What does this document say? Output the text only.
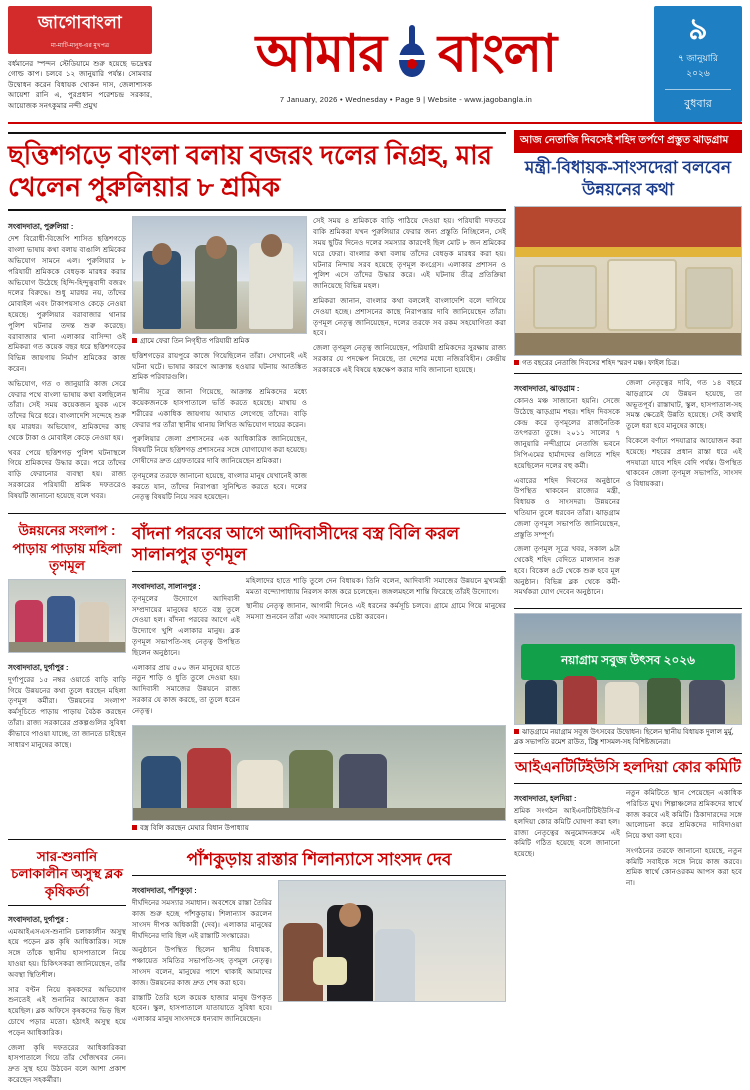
জাগোবাংলা
মা-মাটি-মানুষ-এর মুখপত্র
বর্ধমানের স্পন্দন স্টেডিয়ামে শুরু হয়েছে ভদ্রেশ্বর গোল্ড কাপ। চলবে ১২ জানুয়ারি পর্যন্ত। সোমবার উদ্বোধন করেন বিধায়ক খোকন দাস, জেলাশাসক আয়েশা রানি এ, পুরপ্রধান পরেশচন্দ্র সরকার, আয়োজক সনৎকুমার নন্দী প্রমুখ
আমার বাংলা
7 January, 2026 • Wednesday • Page 9 | Website - www.jagobangla.in
৯
৭ জানুয়ারি
২০২৬
বুধবার
ছত্তিশগড়ে বাংলা বলায় বজরং দলের নিগ্রহ, মার খেলেন পুরুলিয়ার ৮ শ্রমিক
সংবাদদাতা, পুরুলিয়া :

দেশ বিরোধী-বিজেপি শাসিত ছত্তিশগড়ে বাংলা ভাষায় কথা বলায় বাঙালি শ্রমিকের অভিযোগ সামনে এল। পুরুলিয়ার ৮ পরিযায়ী শ্রমিককে বেধড়ক মারধর করার অভিযোগ উঠেছে হিন্দি-হিন্দুত্ববাদী বজরং দলের বিরুদ্ধে। শুধু মারধর নয়, তাঁদের মোবাইল এবং টাকাপয়সাও কেড়ে নেওয়া হয়েছে। পুরুলিয়ার বরাবাজার থানার পুলিশ ঘটনার তদন্ত শুরু করেছে। বরাবাজার থানা এলাকার বাসিন্দা ওই শ্রমিকরা গত কয়েক বছর ধরে ছত্তিশগড়ের বিভিন্ন জায়গায় নির্মাণ শ্রমিকের কাজ করেন।

অভিযোগ, গত ৩ জানুয়ারি কাজ সেরে ফেরার পথে বাংলা ভাষায় কথা বলছিলেন তাঁরা। সেই সময় কয়েকজন যুবক এসে তাঁদের ঘিরে ধরে। বাংলাদেশি সন্দেহে শুরু হয় মারধর। অভিযোগ, শ্রমিকদের কাছ থেকে টাকা ও মোবাইল কেড়ে নেওয়া হয়।

খবর পেয়ে ছত্তিশগড় পুলিশ ঘটনাস্থলে গিয়ে শ্রমিকদের উদ্ধার করে। পরে তাঁদের বাড়ি ফেরানোর ব্যবস্থা হয়। রাজ্য সরকারের পরিযায়ী শ্রমিক দফতরেও বিষয়টি জানানো হয়েছে বলে খবর।

গ্রামে ফেরা তিন নিগৃহীত পরিযায়ী শ্রমিক

ছত্তিশগড়ের রায়পুরে কাজে গিয়েছিলেন তাঁরা। সেখানেই এই ঘটনা ঘটে। ভাষার কারণে আক্রান্ত হওয়ার ঘটনায় আতঙ্কিত শ্রমিক পরিবারগুলি।

স্থানীয় সূত্রে জানা গিয়েছে, আক্রান্ত শ্রমিকদের মধ্যে কয়েকজনকে হাসপাতালে ভর্তি করতে হয়েছে। মাথায় ও শরীরের একাধিক জায়গায় আঘাত লেগেছে তাঁদের। বাড়ি ফেরার পর তাঁরা স্থানীয় থানায় লিখিত অভিযোগ দায়ের করেন।

পুরুলিয়ার জেলা প্রশাসনের এক আধিকারিক জানিয়েছেন, বিষয়টি নিয়ে ছত্তিশগড় প্রশাসনের সঙ্গে যোগাযোগ করা হয়েছে। দোষীদের দ্রুত গ্রেফতারের দাবি জানিয়েছেন শ্রমিকরা।

তৃণমূলের তরফে জানানো হয়েছে, বাংলার মানুষ যেখানেই কাজ করতে যান, তাঁদের নিরাপত্তা সুনিশ্চিত করতে হবে। দলের নেতৃত্ব বিষয়টি নিয়ে সরব হয়েছেন।

সেই সময় ৪ শ্রমিককে বাড়ি পাঠিয়ে দেওয়া হয়। পরিযায়ী দফতরে বাকি শ্রমিকরা যখন পুরুলিয়ার ফেরার জন্য প্রস্তুতি নিচ্ছিলেন, সেই সময় ছুটির দিনেও দলের সমস্যার কারণেই ছিল মোট ৮ জন শ্রমিকের ঘরে ফেরা। বাংলার কথা বলায় তাঁদের বেধড়ক মারধর করা হয়। ঘটনার নিন্দায় সরব হয়েছে তৃণমূল কংগ্রেস। এলাকার প্রশাসন ও পুলিশ এসে তাঁদের উদ্ধার করে। এই ঘটনায় তীব্র প্রতিক্রিয়া জানিয়েছে বিভিন্ন মহল।

শ্রমিকরা জানান, বাংলার কথা বললেই বাংলাদেশি বলে দাগিয়ে দেওয়া হচ্ছে। প্রশাসনের কাছে নিরাপত্তার দাবি জানিয়েছেন তাঁরা। তৃণমূল নেতৃত্ব জানিয়েছেন, দলের তরফে সব রকম সহযোগিতা করা হবে।

জেলা তৃণমূল নেতৃত্ব জানিয়েছেন, পরিযায়ী শ্রমিকদের সুরক্ষায় রাজ্য সরকার যে পদক্ষেপ নিয়েছে, তা দেশের মধ্যে নজিরবিহীন। কেন্দ্রীয় সরকারকে এই বিষয়ে হস্তক্ষেপ করার দাবি জানানো হয়েছে।

উন্নয়নের সংলাপ : পাড়ায় পাড়ায় মহিলা তৃণমূল
সংবাদদাতা, দুর্গাপুর :

দুর্গাপুরের ১৫ নম্বর ওয়ার্ডে বাড়ি বাড়ি গিয়ে উন্নয়নের কথা তুলে ধরছেন মহিলা তৃণমূল কর্মীরা। 'উন্নয়নের সংলাপ' কর্মসূচিতে পাড়ায় পাড়ায় বৈঠক করছেন তাঁরা। রাজ্য সরকারের প্রকল্পগুলির সুবিধা কীভাবে পাওয়া যাচ্ছে, তা জানতে চাইছেন সাধারণ মানুষের কাছে।

বাঁদনা পরবের আগে আদিবাসীদের বস্ত্র বিলি করল সালানপুর তৃণমূল
সংবাদদাতা, সালানপুর :

তৃণমূলের উদ্যোগে আদিবাসী সম্প্রদায়ের মানুষের হাতে বস্ত্র তুলে দেওয়া হল। বাঁদনা পরবের আগে এই উদ্যোগে খুশি এলাকার মানুষ। ব্লক তৃণমূল সভাপতি-সহ নেতৃত্ব উপস্থিত ছিলেন অনুষ্ঠানে।

এলাকার প্রায় ৫০০ জন মানুষের হাতে নতুন শাড়ি ও ধুতি তুলে দেওয়া হয়। আদিবাসী সমাজের উন্নয়নে রাজ্য সরকার যে কাজ করছে, তা তুলে ধরেন নেতৃত্ব।

মহিলাদের হাতে শাড়ি তুলে দেন বিধায়ক। তিনি বলেন, আদিবাসী সমাজের উন্নয়নে মুখ্যমন্ত্রী মমতা বন্দ্যোপাধ্যায় নিরলস কাজ করে চলেছেন। জঙ্গলমহলে শান্তি ফিরেছে তাঁরই উদ্যোগে।

স্থানীয় নেতৃত্ব জানান, আগামী দিনেও এই ধরনের কর্মসূচি চলবে। গ্রামে গ্রামে গিয়ে মানুষের সমস্যা শুনবেন তাঁরা এবং সমাধানের চেষ্টা করবেন।

বস্ত্র বিলি করছেন মেঘার বিধান উপাধ্যায়
সার-শুনানি চলাকালীন অসুস্থ ব্লক কৃষিকর্তা
সংবাদদাতা, দুর্গাপুর :

এমআইএসএস-শুনানি চলাকালীন অসুস্থ হয়ে পড়েন ব্লক কৃষি আধিকারিক। সঙ্গে সঙ্গে তাঁকে স্থানীয় হাসপাতালে নিয়ে যাওয়া হয়। চিকিৎসকরা জানিয়েছেন, তাঁর অবস্থা স্থিতিশীল।

সার বণ্টন নিয়ে কৃষকদের অভিযোগ শুনতেই এই শুনানির আয়োজন করা হয়েছিল। ব্লক অফিসে কৃষকদের ভিড় ছিল চোখে পড়ার মতো। হঠাৎই অসুস্থ হয়ে পড়েন আধিকারিক।

জেলা কৃষি দফতরের আধিকারিকরা হাসপাতালে গিয়ে তাঁর খোঁজখবর নেন। দ্রুত সুস্থ হয়ে উঠবেন বলে আশা প্রকাশ করেছেন সহকর্মীরা।

পাঁশকুড়ায় রাস্তার শিলান্যাসে সাংসদ দেব
সংবাদদাতা, পাঁশকুড়া :

দীর্ঘদিনের সমস্যার সমাধান। অবশেষে রাস্তা তৈরির কাজ শুরু হচ্ছে পাঁশকুড়ায়। শিলান্যাস করলেন সাংসদ দীপক অধিকারী (দেব)। এলাকার মানুষের দীর্ঘদিনের দাবি ছিল এই রাস্তাটি সংস্কারের।

অনুষ্ঠানে উপস্থিত ছিলেন স্থানীয় বিধায়ক, পঞ্চায়েত সমিতির সভাপতি-সহ তৃণমূল নেতৃত্ব। সাংসদ বলেন, মানুষের পাশে থাকাই আমাদের কাজ। উন্নয়নের কাজ দ্রুত শেষ করা হবে।

রাস্তাটি তৈরি হলে কয়েক হাজার মানুষ উপকৃত হবেন। স্কুল, হাসপাতালে যাতায়াতে সুবিধা হবে। এলাকার মানুষ সাংসদকে ধন্যবাদ জানিয়েছেন।

আজ নেতাজি দিবসেই শহিদ তর্পণে প্রস্তুত ঝাড়গ্রাম
মন্ত্রী-বিধায়ক-সাংসদেরা বলবেন উন্নয়নের কথা
গত বছরের নেতাজি দিবসের শহিদ স্মরণ মঞ্চ। ফাইল চিত্র।
সংবাদদাতা, ঝাড়গ্রাম :

কোনও মঞ্চ সাজানো হয়নি। সেজে উঠেছে ঝাড়গ্রাম শহর। শহিদ দিবসকে কেন্দ্র করে তৃণমূলের রাজনৈতিক তৎপরতা তুঙ্গে। ২০১১ সালের ৭ জানুয়ারি নন্দীগ্রামে নেতাজি ভবনে সিপিএমের হার্মাদদের গুলিতে শহিদ হয়েছিলেন দলের বহু কর্মী।

এবারের শহিদ দিবসের অনুষ্ঠানে উপস্থিত থাকবেন রাজ্যের মন্ত্রী, বিধায়ক ও সাংসদরা। উন্নয়নের খতিয়ান তুলে ধরবেন তাঁরা। ঝাড়গ্রাম জেলা তৃণমূল সভাপতি জানিয়েছেন, প্রস্তুতি সম্পূর্ণ।

জেলা তৃণমূল সূত্রে খবর, সকাল ৯টা থেকেই শহিদ বেদিতে মাল্যদান শুরু হবে। বিকেল ৪টে থেকে শুরু হবে মূল অনুষ্ঠান। বিভিন্ন ব্লক থেকে কর্মী-সমর্থকরা যোগ দেবেন অনুষ্ঠানে।

জেলা নেতৃত্বের দাবি, গত ১৪ বছরে ঝাড়গ্রামে যে উন্নয়ন হয়েছে, তা অভূতপূর্ব। রাস্তাঘাট, স্কুল, হাসপাতাল-সহ সমস্ত ক্ষেত্রেই উন্নতি হয়েছে। সেই কথাই তুলে ধরা হবে মানুষের কাছে।

বিকেলে বর্ণাঢ্য পদযাত্রার আয়োজন করা হয়েছে। শহরের প্রধান রাস্তা ধরে এই পদযাত্রা যাবে শহিদ বেদি পর্যন্ত। উপস্থিত থাকবেন জেলা তৃণমূল সভাপতি, সাংসদ ও বিধায়করা।

নয়াগ্রাম সবুজ উৎসব ২০২৬
ঝাড়গ্রামে নয়াগ্রাম সবুজ উৎসবের উদ্বোধন। ছিলেন স্থানীয় বিধায়ক দুলাল মুর্মু, ব্লক সভাপতি রমেশ রাউত, টিঙ্কু শাসমল-সহ বিশিষ্টজনেরা।
আইএনটিটিইউসি হলদিয়া কোর কমিটি
সংবাদদাতা, হলদিয়া :

শ্রমিক সংগঠন আইএনটিটিইউসি-র হলদিয়া কোর কমিটি ঘোষণা করা হল। রাজ্য নেতৃত্বের অনুমোদনক্রমে এই কমিটি গঠিত হয়েছে বলে জানানো হয়েছে।

নতুন কমিটিতে স্থান পেয়েছেন একাধিক পরিচিত মুখ। শিল্পাঞ্চলের শ্রমিকদের স্বার্থে কাজ করবে এই কমিটি। ঠিকাদারদের সঙ্গে আলোচনা করে শ্রমিকদের দাবিদাওয়া নিয়ে কথা বলা হবে।

সংগঠনের তরফে জানানো হয়েছে, নতুন কমিটি সবাইকে সঙ্গে নিয়ে কাজ করবে। শ্রমিক স্বার্থে কোনওরকম আপস করা হবে না।
